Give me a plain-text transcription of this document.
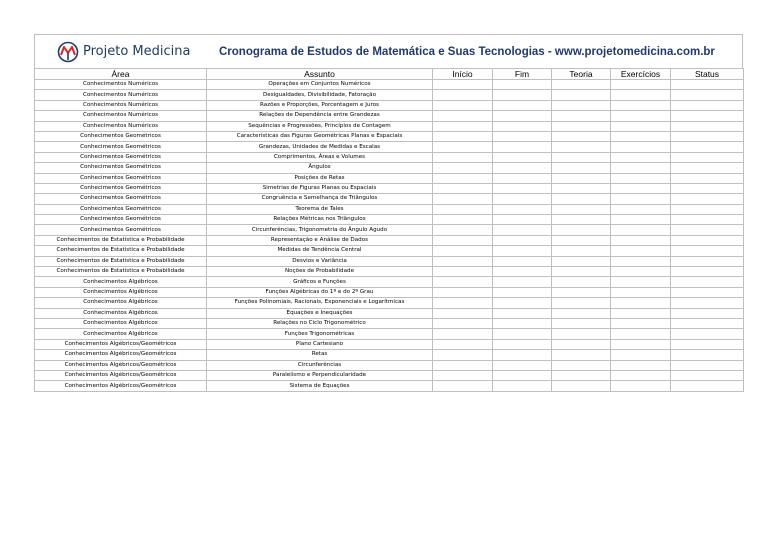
Projeto Medicina Cronograma de Estudos de Matemática e Suas Tecnologias - www.projetomedicina.com.br
Área	Assunto	Início	Fim	Teoria	Exercícios	Status
Conhecimentos Numéricos	Operações em Conjuntos Numéricos					
Conhecimentos Numéricos	Desigualdades, Divisibilidade, Fatoração					
Conhecimentos Numéricos	Razões e Proporções, Porcentagem e Juros					
Conhecimentos Numéricos	Relações de Dependência entre Grandezas					
Conhecimentos Numéricos	Sequências e Progressões, Princípios de Contagem					
Conhecimentos Geométricos	Características das Figuras Geométricas Planas e Espaciais					
Conhecimentos Geométricos	Grandezas, Unidades de Medidas e Escalas					
Conhecimentos Geométricos	Comprimentos, Áreas e Volumes					
Conhecimentos Geométricos	Ângulos					
Conhecimentos Geométricos	Posições de Retas					
Conhecimentos Geométricos	Simetrias de Figuras Planas ou Espaciais					
Conhecimentos Geométricos	Congruência e Semelhança de Triângulos					
Conhecimentos Geométricos	Teorema de Tales					
Conhecimentos Geométricos	Relações Métricas nos Triângulos					
Conhecimentos Geométricos	Circunferências, Trigonometria do Ângulo Agudo					
Conhecimentos de Estatística e Probabilidade	Representação e Análise de Dados					
Conhecimentos de Estatística e Probabilidade	Medidas de Tendência Central					
Conhecimentos de Estatística e Probabilidade	Desvios e Variância					
Conhecimentos de Estatística e Probabilidade	Noções de Probabilidade					
Conhecimentos Algébricos	Gráficos e Funções					
Conhecimentos Algébricos	Funções Algébricas do 1º e do 2º Grau					
Conhecimentos Algébricos	Funções Polinomiais, Racionais, Exponenciais e Logarítmicas					
Conhecimentos Algébricos	Equações e Inequações					
Conhecimentos Algébricos	Relações no Ciclo Trigonométrico					
Conhecimentos Algébricos	Funções Trigonométricas					
Conhecimentos Algébricos/Geométricos	Plano Cartesiano					
Conhecimentos Algébricos/Geométricos	Retas					
Conhecimentos Algébricos/Geométricos	Circunferências					
Conhecimentos Algébricos/Geométricos	Paralelismo e Perpendicularidade					
Conhecimentos Algébricos/Geométricos	Sistema de Equações					
